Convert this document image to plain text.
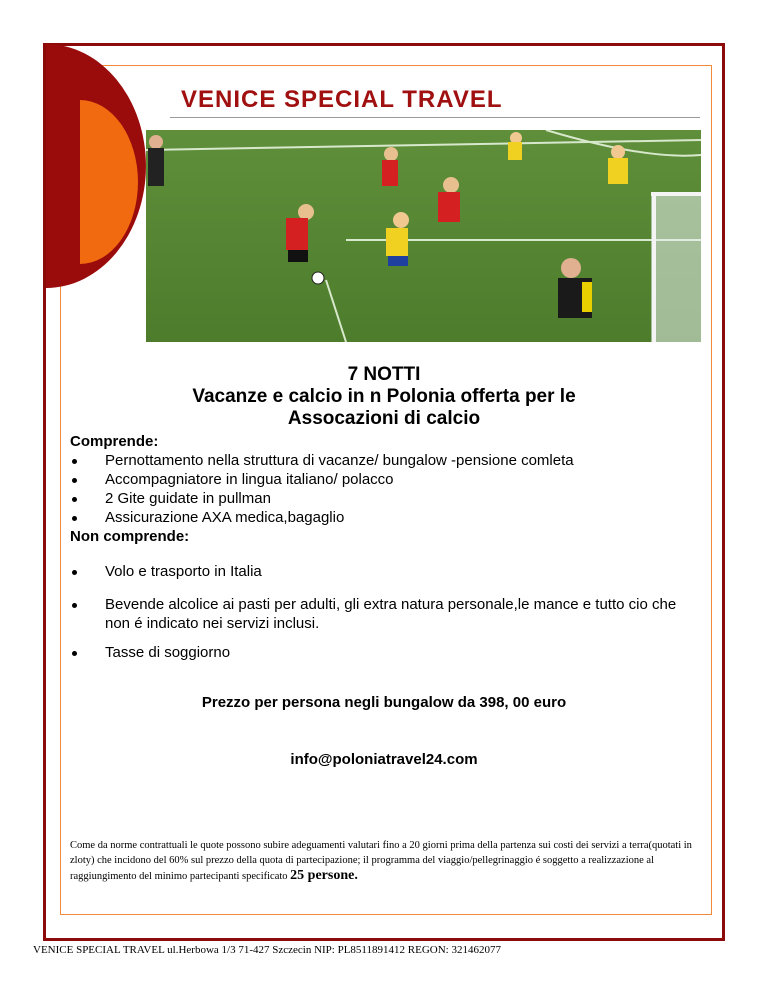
VENICE SPECIAL TRAVEL
7 NOTTI
Vacanze e calcio in n Polonia offerta per le
Assocazioni di calcio
Comprende:
Pernottamento nella struttura di vacanze/ bungalow -pensione comleta
Accompagniatore in lingua italiano/ polacco
2 Gite guidate in pullman
Assicurazione AXA medica,bagaglio
Non comprende:
Volo e trasporto in Italia
Bevende alcolice ai pasti per adulti, gli extra natura personale,le mance e tutto cio che non é indicato nei servizi inclusi.
Tasse di soggiorno
Prezzo per persona negli bungalow da 398, 00 euro
info@poloniatravel24.com
Come da norme contrattuali le quote possono subire adeguamenti valutari fino a 20 giorni prima della partenza sui costi dei servizi a terra(quotati in zloty) che incidono del 60% sul prezzo della quota di partecipazione; il programma del viaggio/pellegrinaggio é soggetto a realizzazione al raggiungimento del minimo partecipanti specificato 25 persone.
VENICE SPECIAL TRAVEL ul.Herbowa 1/3 71-427 Szczecin NIP: PL8511891412 REGON: 321462077
